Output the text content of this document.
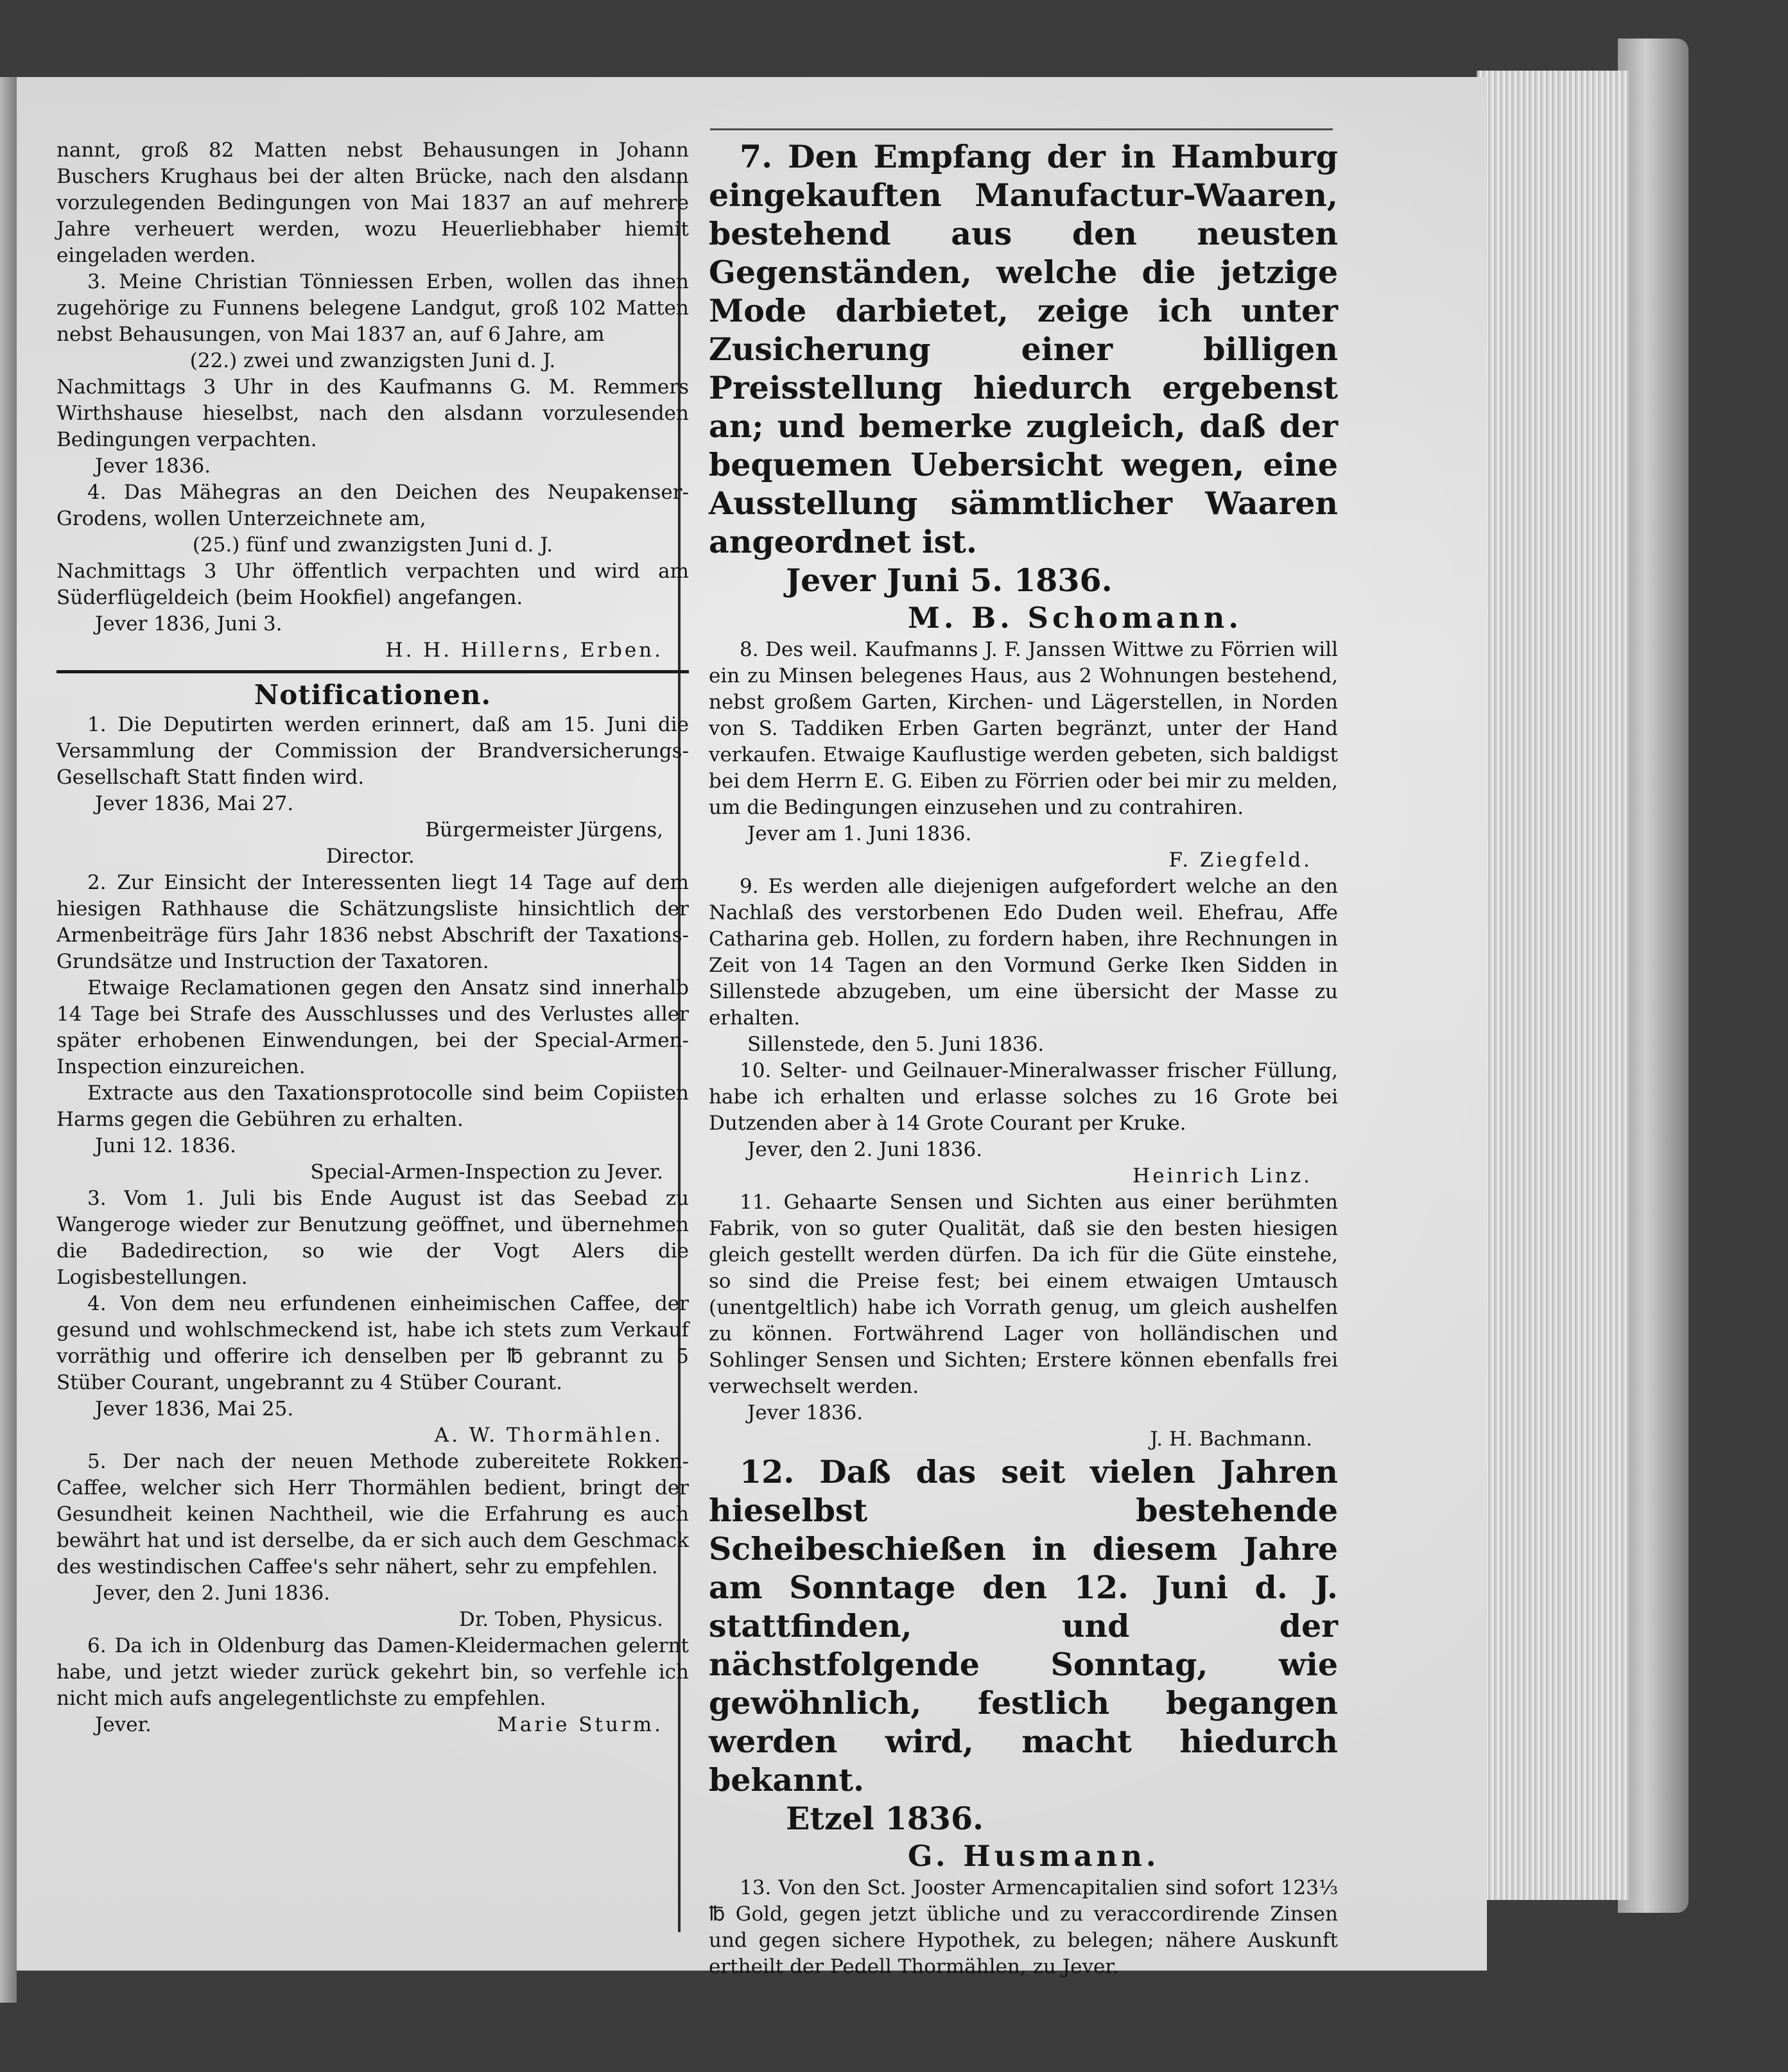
nannt, groß 82 Matten nebst Behausungen in Johann Buschers Krughaus bei der alten Brücke, nach den alsdann vorzulegenden Bedingungen von Mai 1837 an auf mehrere Jahre verheuert werden, wozu Heuerliebhaber hiemit eingeladen werden.

3. Meine Christian Tönniessen Erben, wollen das ihnen zugehörige zu Funnens belegene Landgut, groß 102 Matten nebst Behausungen, von Mai 1837 an, auf 6 Jahre, am

(22.) zwei und zwanzigsten Juni d. J.

Nachmittags 3 Uhr in des Kaufmanns G. M. Remmers Wirthshause hieselbst, nach den alsdann vorzulesenden Bedingungen verpachten.

Jever 1836.

4. Das Mähegras an den Deichen des Neupakenser-Grodens, wollen Unterzeichnete am,

(25.) fünf und zwanzigsten Juni d. J.

Nachmittags 3 Uhr öffentlich verpachten und wird am Süderflügeldeich (beim Hookfiel) angefangen.

Jever 1836, Juni 3.

H. H. Hillerns, Erben.

Notificationen.

1. Die Deputirten werden erinnert, daß am 15. Juni die Versammlung der Commission der Brandversicherungs-Gesellschaft Statt finden wird.

Jever 1836, Mai 27.

Bürgermeister Jürgens,

Director.

2. Zur Einsicht der Interessenten liegt 14 Tage auf dem hiesigen Rathhause die Schätzungsliste hinsichtlich der Armenbeiträge fürs Jahr 1836 nebst Abschrift der Taxations-Grundsätze und Instruction der Taxatoren.

Etwaige Reclamationen gegen den Ansatz sind innerhalb 14 Tage bei Strafe des Ausschlusses und des Verlustes aller später erhobenen Einwendungen, bei der Special-Armen-Inspection einzureichen.

Extracte aus den Taxationsprotocolle sind beim Copiisten Harms gegen die Gebühren zu erhalten.

Juni 12. 1836.

Special-Armen-Inspection zu Jever.

3. Vom 1. Juli bis Ende August ist das Seebad zu Wangeroge wieder zur Benutzung geöffnet, und übernehmen die Badedirection, so wie der Vogt Alers die Logisbestellungen.

4. Von dem neu erfundenen einheimischen Caffee, der gesund und wohlschmeckend ist, habe ich stets zum Verkauf vorräthig und offerire ich denselben per ℔ gebrannt zu 5 Stüber Courant, ungebrannt zu 4 Stüber Courant.

Jever 1836, Mai 25.

A. W. Thormählen.

5. Der nach der neuen Methode zubereitete Rokken-Caffee, welcher sich Herr Thormählen bedient, bringt der Gesundheit keinen Nachtheil, wie die Erfahrung es auch bewährt hat und ist derselbe, da er sich auch dem Geschmack des westindischen Caffee's sehr nähert, sehr zu empfehlen.

Jever, den 2. Juni 1836.

Dr. Toben, Physicus.

6. Da ich in Oldenburg das Damen-Kleidermachen gelernt habe, und jetzt wieder zurück gekehrt bin, so verfehle ich nicht mich aufs angelegentlichste zu empfehlen.

Jever.	Marie Sturm.

7. Den Empfang der in Hamburg eingekauften Manufactur-Waaren, bestehend aus den neusten Gegenständen, welche die jetzige Mode darbietet, zeige ich unter Zusicherung einer billigen Preisstellung hiedurch ergebenst an; und bemerke zugleich, daß der bequemen Uebersicht wegen, eine Ausstellung sämmtlicher Waaren angeordnet ist.

Jever Juni 5. 1836.

M. B. Schomann.

8. Des weil. Kaufmanns J. F. Janssen Wittwe zu Förrien will ein zu Minsen belegenes Haus, aus 2 Wohnungen bestehend, nebst großem Garten, Kirchen- und Lägerstellen, in Norden von S. Taddiken Erben Garten begränzt, unter der Hand verkaufen. Etwaige Kauflustige werden gebeten, sich baldigst bei dem Herrn E. G. Eiben zu Förrien oder bei mir zu melden, um die Bedingungen einzusehen und zu contrahiren.

Jever am 1. Juni 1836.

F. Ziegfeld.

9. Es werden alle diejenigen aufgefordert welche an den Nachlaß des verstorbenen Edo Duden weil. Ehefrau, Affe Catharina geb. Hollen, zu fordern haben, ihre Rechnungen in Zeit von 14 Tagen an den Vormund Gerke Iken Sidden in Sillenstede abzugeben, um eine übersicht der Masse zu erhalten.

Sillenstede, den 5. Juni 1836.

10. Selter- und Geilnauer-Mineralwasser frischer Füllung, habe ich erhalten und erlasse solches zu 16 Grote bei Dutzenden aber à 14 Grote Courant per Kruke.

Jever, den 2. Juni 1836.

Heinrich Linz.

11. Gehaarte Sensen und Sichten aus einer berühmten Fabrik, von so guter Qualität, daß sie den besten hiesigen gleich gestellt werden dürfen. Da ich für die Güte einstehe, so sind die Preise fest; bei einem etwaigen Umtausch (unentgeltlich) habe ich Vorrath genug, um gleich aushelfen zu können. Fortwährend Lager von holländischen und Sohlinger Sensen und Sichten; Erstere können ebenfalls frei verwechselt werden.

Jever 1836.

J. H. Bachmann.

12. Daß das seit vielen Jahren hieselbst bestehende Scheibeschießen in diesem Jahre am Sonntage den 12. Juni d. J. stattfinden, und der nächstfolgende Sonntag, wie gewöhnlich, festlich begangen werden wird, macht hiedurch bekannt.

Etzel 1836.

G. Husmann.

13. Von den Sct. Jooster Armencapitalien sind sofort 123⅓ ℔ Gold, gegen jetzt übliche und zu veraccordirende Zinsen und gegen sichere Hypothek, zu belegen; nähere Auskunft ertheilt der Pedell Thormählen, zu Jever.
